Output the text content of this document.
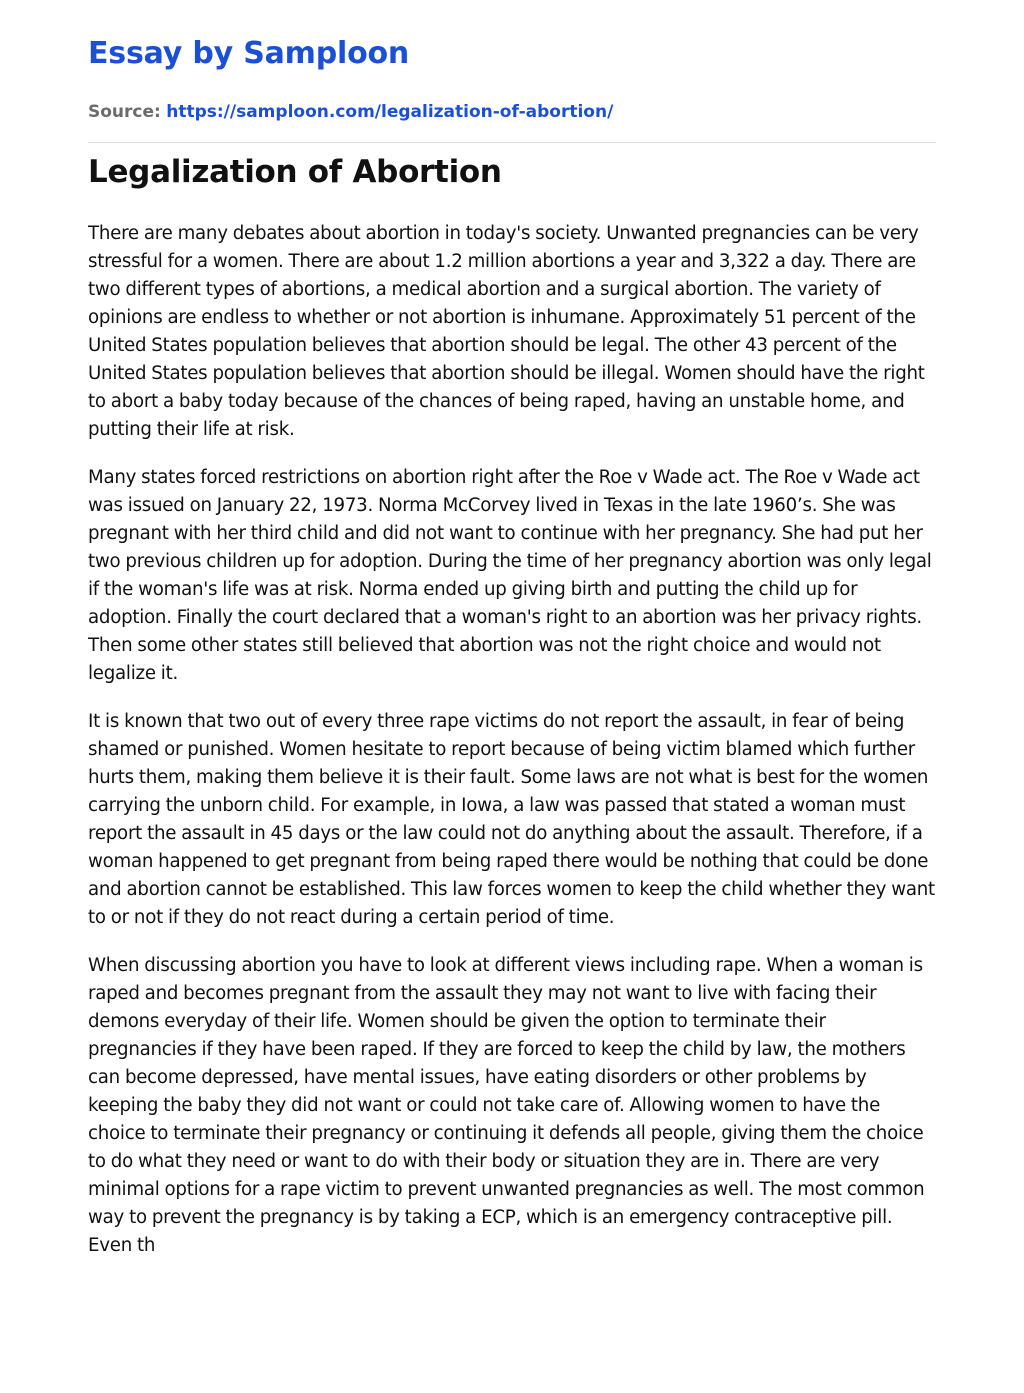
Essay by Samploon
Source: https://samploon.com/legalization-of-abortion/
Legalization of Abortion

There are many debates about abortion in today's society. Unwanted pregnancies can be very stressful for a women. There are about 1.2 million abortions a year and 3,322 a day. There are two different types of abortions, a medical abortion and a surgical abortion. The variety of opinions are endless to whether or not abortion is inhumane. Approximately 51 percent of the United States population believes that abortion should be legal. The other 43 percent of the United States population believes that abortion should be illegal. Women should have the right to abort a baby today because of the chances of being raped, having an unstable home, and putting their life at risk.

Many states forced restrictions on abortion right after the Roe v Wade act. The Roe v Wade act was issued on January 22, 1973. Norma McCorvey lived in Texas in the late 1960’s. She was pregnant with her third child and did not want to continue with her pregnancy. She had put her two previous children up for adoption. During the time of her pregnancy abortion was only legal if the woman's life was at risk. Norma ended up giving birth and putting the child up for adoption. Finally the court declared that a woman's right to an abortion was her privacy rights. Then some other states still believed that abortion was not the right choice and would not legalize it.

It is known that two out of every three rape victims do not report the assault, in fear of being shamed or punished. Women hesitate to report because of being victim blamed which further hurts them, making them believe it is their fault. Some laws are not what is best for the women carrying the unborn child. For example, in Iowa, a law was passed that stated a woman must report the assault in 45 days or the law could not do anything about the assault. Therefore, if a woman happened to get pregnant from being raped there would be nothing that could be done and abortion cannot be established. This law forces women to keep the child whether they want to or not if they do not react during a certain period of time.

When discussing abortion you have to look at different views including rape. When a woman is raped and becomes pregnant from the assault they may not want to live with facing their demons everyday of their life. Women should be given the option to terminate their pregnancies if they have been raped. If they are forced to keep the child by law, the mothers can become depressed, have mental issues, have eating disorders or other problems by keeping the baby they did not want or could not take care of. Allowing women to have the choice to terminate their pregnancy or continuing it defends all people, giving them the choice to do what they need or want to do with their body or situation they are in. There are very minimal options for a rape victim to prevent unwanted pregnancies as well. The most common way to prevent the pregnancy is by taking a ECP, which is an emergency contraceptive pill. Even th
